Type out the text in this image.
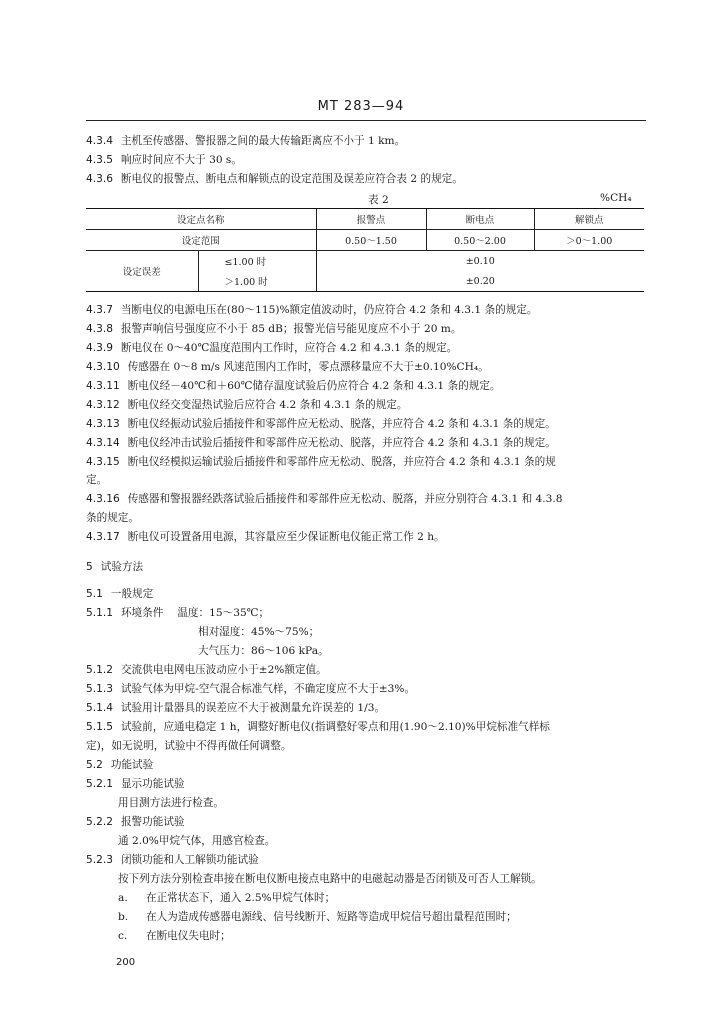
MT 283—94
4.3.4 主机至传感器、警报器之间的最大传输距离应不小于 1 km。
4.3.5 响应时间应不大于 30 s。
4.3.6 断电仪的报警点、断电点和解锁点的设定范围及误差应符合表 2 的规定。
表 2	%CH₄
设定点名称		报警点	断电点	解锁点
设定范围		0.50～1.50	0.50～2.00	＞0～1.00
设定误差	≤1.00 时	±0.10		
	＞1.00 时	±0.20		
4.3.7 当断电仪的电源电压在(80～115)%额定值波动时，仍应符合 4.2 条和 4.3.1 条的规定。
4.3.8 报警声响信号强度应不小于 85 dB；报警光信号能见度应不小于 20 m。
4.3.9 断电仪在 0～40℃温度范围内工作时，应符合 4.2 和 4.3.1 条的规定。
4.3.10 传感器在 0～8 m/s 风速范围内工作时，零点漂移量应不大于±0.10%CH₄。
4.3.11 断电仪经－40℃和＋60℃储存温度试验后仍应符合 4.2 条和 4.3.1 条的规定。
4.3.12 断电仪经交变湿热试验后应符合 4.2 条和 4.3.1 条的规定。
4.3.13 断电仪经振动试验后插接件和零部件应无松动、脱落，并应符合 4.2 条和 4.3.1 条的规定。
4.3.14 断电仪经冲击试验后插接件和零部件应无松动、脱落，并应符合 4.2 条和 4.3.1 条的规定。
4.3.15 断电仪经模拟运输试验后插接件和零部件应无松动、脱落，并应符合 4.2 条和 4.3.1 条的规
定。
4.3.16 传感器和警报器经跌落试验后插接件和零部件应无松动、脱落，并应分别符合 4.3.1 和 4.3.8
条的规定。
4.3.17 断电仪可设置备用电源，其容量应至少保证断电仪能正常工作 2 h。
5 试验方法
5.1 一般规定
5.1.1 环境条件 温度：15～35℃；
相对湿度：45%～75%；
大气压力：86～106 kPa。
5.1.2 交流供电电网电压波动应小于±2%额定值。
5.1.3 试验气体为甲烷-空气混合标准气样，不确定度应不大于±3%。
5.1.4 试验用计量器具的误差应不大于被测量允许误差的 1/3。
5.1.5 试验前，应通电稳定 1 h，调整好断电仪(指调整好零点和用(1.90～2.10)%甲烷标准气样标
定)，如无说明，试验中不得再做任何调整。
5.2 功能试验
5.2.1 显示功能试验
用目测方法进行检查。
5.2.2 报警功能试验
通 2.0%甲烷气体，用感官检查。
5.2.3 闭锁功能和人工解锁功能试验
按下列方法分别检查串接在断电仪断电接点电路中的电磁起动器是否闭锁及可否人工解锁。
a. 在正常状态下，通入 2.5%甲烷气体时；
b. 在人为造成传感器电源线、信号线断开、短路等造成甲烷信号超出量程范围时；
c. 在断电仪失电时；
200
